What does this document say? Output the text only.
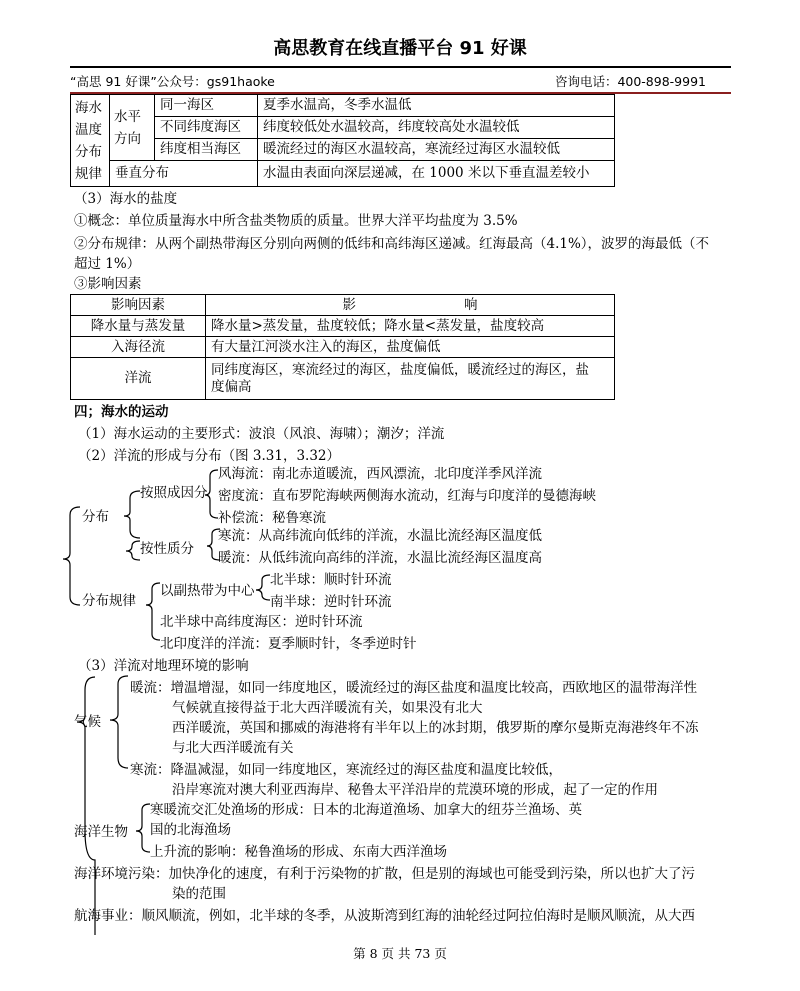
高思教育在线直播平台 91 好课
“高思 91 好课”公众号：gs91haoke	咨询电话：400-898-9991
海水温度分布规律	水平方向	同一海区	夏季水温高，冬季水温低
		不同纬度海区	纬度较低处水温较高，纬度较高处水温较低
		纬度相当海区	暖流经过的海区水温较高，寒流经过海区水温较低
	垂直分布		水温由表面向深层递减，在 1000 米以下垂直温差较小
（3）海水的盐度
①概念：单位质量海水中所含盐类物质的质量。世界大洋平均盐度为 3.5%
②分布规律：从两个副热带海区分别向两侧的低纬和高纬海区递减。红海最高（4.1%），波罗的海最低（不
超过 1%）
③影响因素
影响因素	影　　　　　　　　响
降水量与蒸发量	降水量>蒸发量，盐度较低；降水量<蒸发量，盐度较高
入海径流	有大量江河淡水注入的海区，盐度偏低
洋流	同纬度海区，寒流经过的海区，盐度偏低，暖流经过的海区，盐
度偏高
四；海水的运动
（1）海水运动的主要形式：波浪（风浪、海啸）；潮汐；洋流
（2）洋流的形成与分布（图 3.31，3.32）
分布
按照成因分
风海流：南北赤道暖流，西风漂流，北印度洋季风洋流
密度流：直布罗陀海峡两侧海水流动，红海与印度洋的曼德海峡
补偿流：秘鲁寒流
按性质分
寒流：从高纬流向低纬的洋流，水温比流经海区温度低
暖流：从低纬流向高纬的洋流，水温比流经海区温度高
分布规律
以副热带为中心
北半球：顺时针环流
南半球：逆时针环流
北半球中高纬度海区：逆时针环流
北印度洋的洋流：夏季顺时针，冬季逆时针
（3）洋流对地理环境的影响
气候
暖流：增温增湿，如同一纬度地区，暖流经过的海区盐度和温度比较高，西欧地区的温带海洋性
气候就直接得益于北大西洋暖流有关，如果没有北大
西洋暖流，英国和挪威的海港将有半年以上的冰封期，俄罗斯的摩尔曼斯克海港终年不冻
与北大西洋暖流有关
寒流：降温减湿，如同一纬度地区，寒流经过的海区盐度和温度比较低，
沿岸寒流对澳大利亚西海岸、秘鲁太平洋沿岸的荒漠环境的形成，起了一定的作用
海洋生物
寒暖流交汇处渔场的形成：日本的北海道渔场、加拿大的纽芬兰渔场、英
国的北海渔场
上升流的影响：秘鲁渔场的形成、东南大西洋渔场
海洋环境污染：加快净化的速度，有利于污染物的扩散，但是别的海域也可能受到污染，所以也扩大了污
染的范围
航海事业：顺风顺流，例如，北半球的冬季，从波斯湾到红海的油轮经过阿拉伯海时是顺风顺流，从大西
第 8 页 共 73 页
